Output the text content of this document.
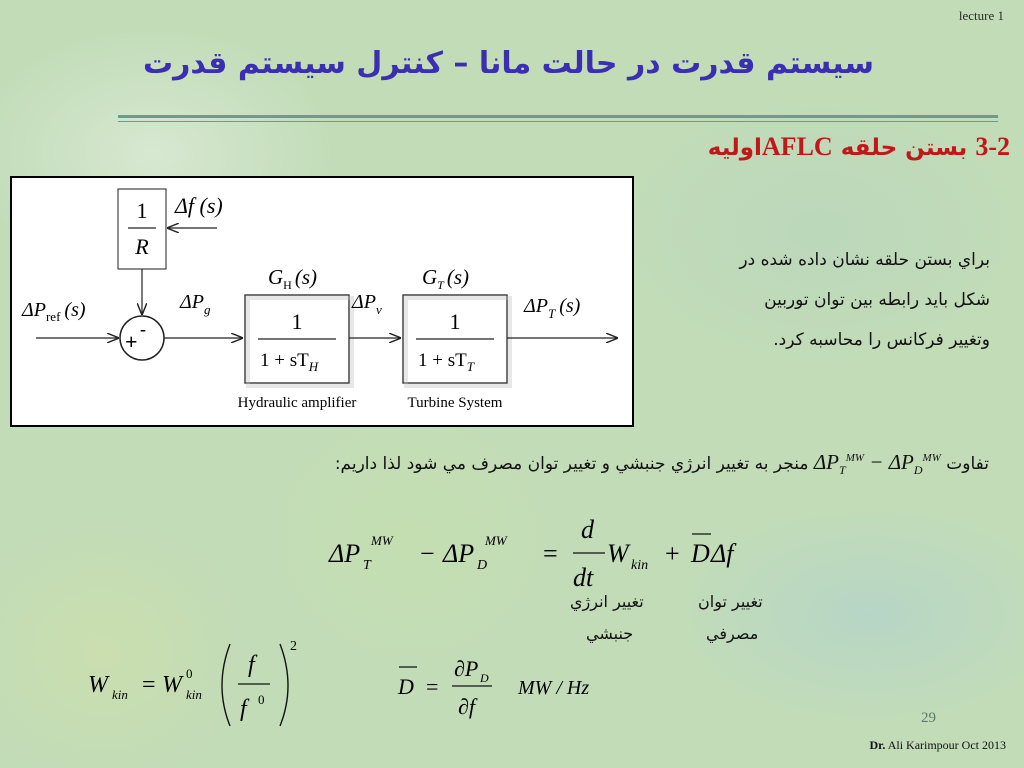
lecture 1
سيستم قدرت در حالت مانا – كنترل سيستم قدرت
3-2 بستن حلقه AFLCاوليه
1
R
Δf (s)
-
+
$\Delta P_{ref}$ (s)	$\Delta P_g$	1
$1 + sT_H$
$G_H$ (s)
Hydraulic amplifier
$\Delta P_v$	1
$1 + sT_T$
$G_T$ (s)
Turbine System
$\Delta P_T$ (s)
براي بستن حلقه نشان داده شده در
شكل بايد رابطه بين توان توربين
وتغيير فركانس را محاسبه كرد.
تفاوت $\Delta P_T^{MW} - \Delta P_D^{MW}$ منجر به تغيير انرژي جنبشي و تغيير توان مصرف مي شود لذا داريم:
ΔP T
MW − ΔP D
MW =
d
dt
W kin + D Δf
تغيير انرژي
جنبشي
تغيير توان
مصرفي
W kin = W 0
kin
f
f 0
2
D =
∂P D
∂f
MW / Hz
29
Dr. Ali Karimpour Oct 2013
